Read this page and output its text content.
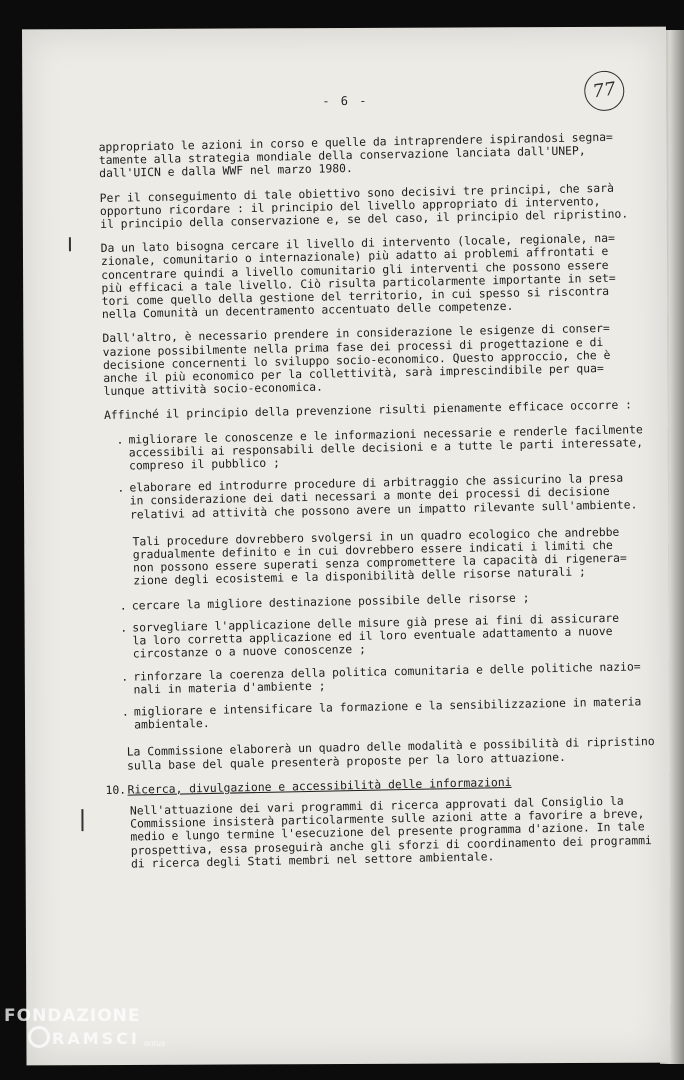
- 6 -	77

appropriato le azioni in corso e quelle da intraprendere ispirandosi segna=
tamente alla strategia mondiale della conservazione lanciata dall'UNEP,
dall'UICN e dalla WWF nel marzo 1980.

Per il conseguimento di tale obiettivo sono decisivi tre principi, che sarà
opportuno ricordare : il principio del livello appropriato di intervento,
il principio della conservazione e, se del caso, il principio del ripristino.

Da un lato bisogna cercare il livello di intervento (locale, regionale, na=
zionale, comunitario o internazionale) più adatto ai problemi affrontati e
concentrare quindi a livello comunitario gli interventi che possono essere
più efficaci a tale livello. Ciò risulta particolarmente importante in set=
tori come quello della gestione del territorio, in cui spesso si riscontra
nella Comunità un decentramento accentuato delle competenze.

Dall'altro, è necessario prendere in considerazione le esigenze di conser=
vazione possibilmente nella prima fase dei processi di progettazione e di
decisione concernenti lo sviluppo socio-economico. Questo approccio, che è
anche il più economico per la collettività, sarà imprescindibile per qua=
lunque attività socio-economica.

Affinché il principio della prevenzione risulti pienamente efficace occorre :

. migliorare le conoscenze e le informazioni necessarie e renderle facilmente
accessibili ai responsabili delle decisioni e a tutte le parti interessate,
compreso il pubblico ;
. elaborare ed introdurre procedure di arbitraggio che assicurino la presa
in considerazione dei dati necessari a monte dei processi di decisione
relativi ad attività che possono avere un impatto rilevante sull'ambiente.

Tali procedure dovrebbero svolgersi in un quadro ecologico che andrebbe
gradualmente definito e in cui dovrebbero essere indicati i limiti che
non possono essere superati senza compromettere la capacità di rigenera=
zione degli ecosistemi e la disponibilità delle risorse naturali ;

. cercare la migliore destinazione possibile delle risorse ;
. sorvegliare l'applicazione delle misure già prese ai fini di assicurare
la loro corretta applicazione ed il loro eventuale adattamento a nuove
circostanze o a nuove conoscenze ;
. rinforzare la coerenza della politica comunitaria e delle politiche nazio=
nali in materia d'ambiente ;
. migliorare e intensificare la formazione e la sensibilizzazione in materia
ambientale.

La Commissione elaborerà un quadro delle modalità e possibilità di ripristino
sulla base del quale presenterà proposte per la loro attuazione.

10. Ricerca, divulgazione e accessibilità delle informazioni

Nell'attuazione dei vari programmi di ricerca approvati dal Consiglio la
Commissione insisterà particolarmente sulle azioni atte a favorire a breve,
medio e lungo termine l'esecuzione del presente programma d'azione. In tale
prospettiva, essa proseguirà anche gli sforzi di coordinamento dei programmi
di ricerca degli Stati membri nel settore ambientale.

FONDAZIONE
RAMSCI onlus
